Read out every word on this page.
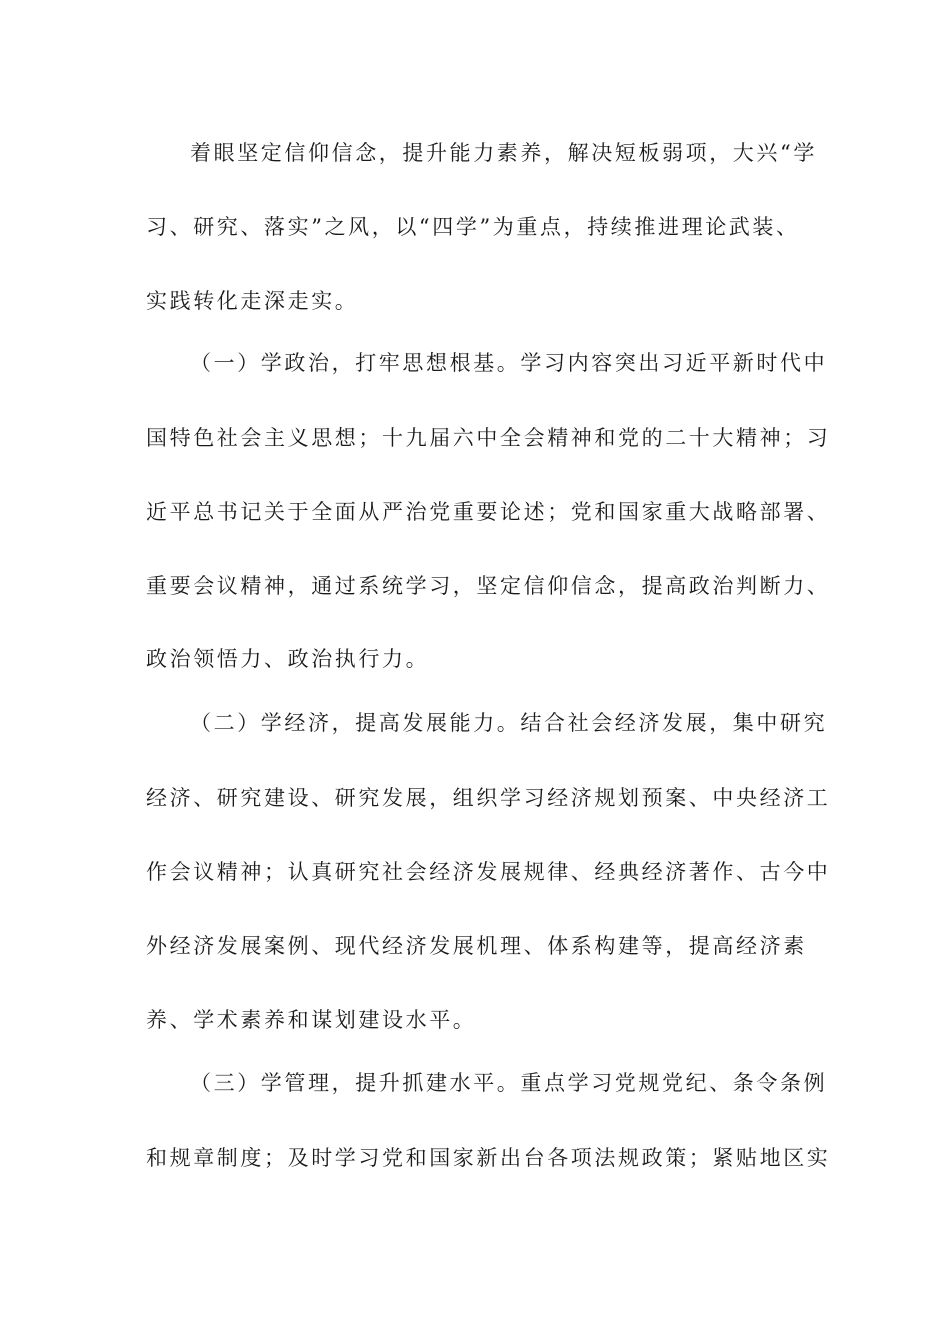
着眼坚定信仰信念，提升能力素养，解决短板弱项，大兴“学
习、研究、落实”之风，以“四学”为重点，持续推进理论武装、
实践转化走深走实。
（一）学政治，打牢思想根基。学习内容突出习近平新时代中
国特色社会主义思想；十九届六中全会精神和党的二十大精神；习
近平总书记关于全面从严治党重要论述；党和国家重大战略部署、
重要会议精神，通过系统学习，坚定信仰信念，提高政治判断力、
政治领悟力、政治执行力。
（二）学经济，提高发展能力。结合社会经济发展，集中研究
经济、研究建设、研究发展，组织学习经济规划预案、中央经济工
作会议精神；认真研究社会经济发展规律、经典经济著作、古今中
外经济发展案例、现代经济发展机理、体系构建等，提高经济素
养、学术素养和谋划建设水平。
（三）学管理，提升抓建水平。重点学习党规党纪、条令条例
和规章制度；及时学习党和国家新出台各项法规政策；紧贴地区实
